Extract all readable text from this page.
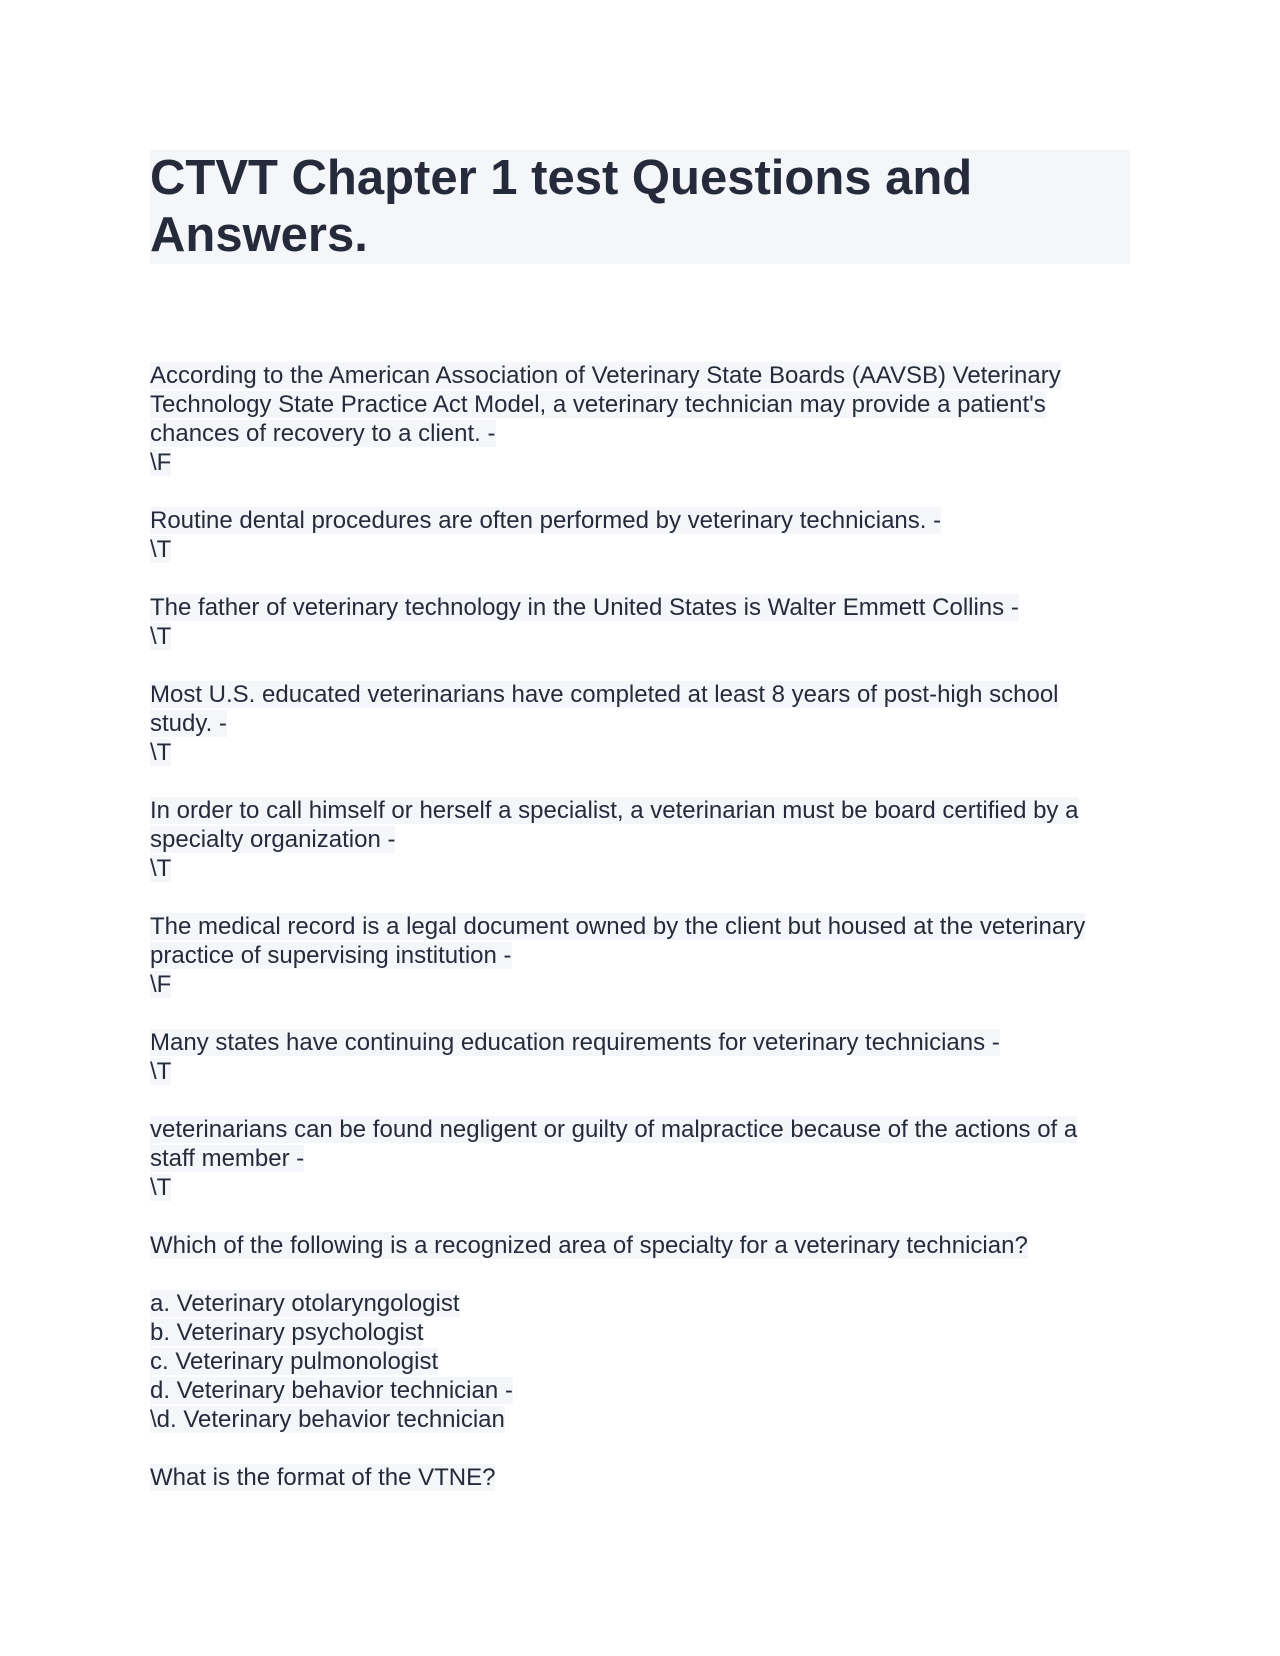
CTVT Chapter 1 test Questions and Answers.
According to the American Association of Veterinary State Boards (AAVSB) Veterinary
Technology State Practice Act Model, a veterinary technician may provide a patient's
chances of recovery to a client. -
\F
Routine dental procedures are often performed by veterinary technicians. -
\T
The father of veterinary technology in the United States is Walter Emmett Collins -
\T
Most U.S. educated veterinarians have completed at least 8 years of post-high school
study. -
\T
In order to call himself or herself a specialist, a veterinarian must be board certified by a
specialty organization -
\T
The medical record is a legal document owned by the client but housed at the veterinary
practice of supervising institution -
\F
Many states have continuing education requirements for veterinary technicians -
\T
veterinarians can be found negligent or guilty of malpractice because of the actions of a
staff member -
\T
Which of the following is a recognized area of specialty for a veterinary technician?
a. Veterinary otolaryngologist
b. Veterinary psychologist
c. Veterinary pulmonologist
d. Veterinary behavior technician -
\d. Veterinary behavior technician
What is the format of the VTNE?
